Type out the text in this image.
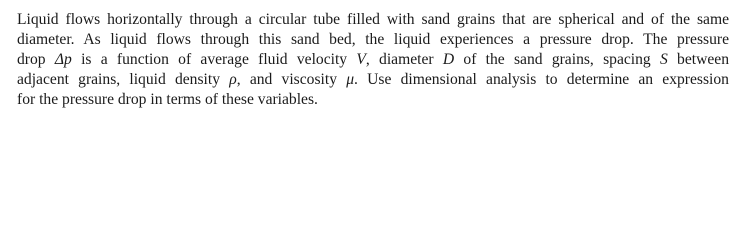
Liquid flows horizontally through a circular tube filled with sand grains that are spherical and of the same
diameter. As liquid flows through this sand bed, the liquid experiences a pressure drop. The pressure
drop Δp is a function of average fluid velocity V, diameter D of the sand grains, spacing S between
adjacent grains, liquid density ρ, and viscosity μ. Use dimensional analysis to determine an expression
for the pressure drop in terms of these variables.
